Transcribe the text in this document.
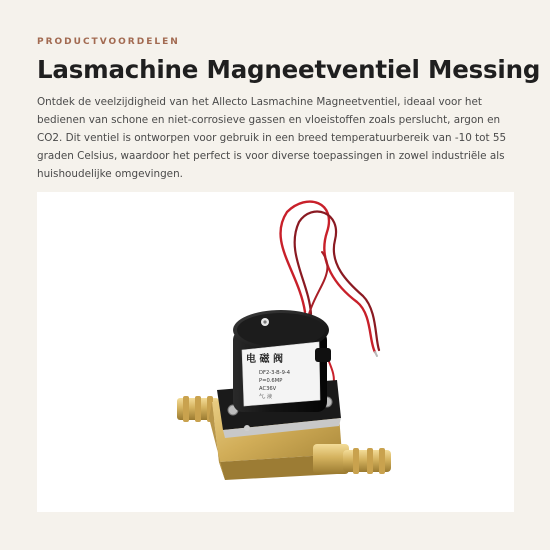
PRODUCTVOORDELEN
Lasmachine Magneetventiel Messing

Ontdek de veelzijdigheid van het Allecto Lasmachine Magneetventiel, ideaal voor het bedienen van schone en niet-corrosieve gassen en vloeistoffen zoals perslucht, argon en CO2. Dit ventiel is ontworpen voor gebruik in een breed temperatuurbereik van -10 tot 55 graden Celsius, waardoor het perfect is voor diverse toepassingen in zowel industriële als huishoudelijke omgevingen.

电 磁 阀
DF2-3-B-9-4
P=0.6MP
AC36V
气, 液
